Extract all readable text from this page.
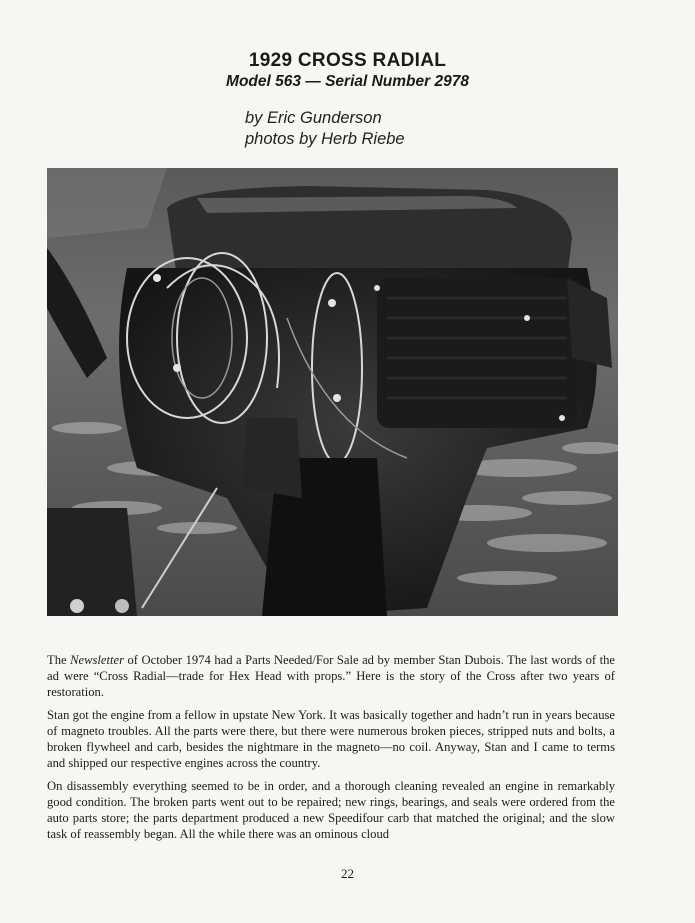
1929 CROSS RADIAL
Model 563 — Serial Number 2978
by Eric Gunderson
photos by Herb Riebe

The Newsletter of October 1974 had a Parts Needed/For Sale ad by member Stan Dubois. The last words of the ad were “Cross Radial—trade for Hex Head with props.” Here is the story of the Cross after two years of restoration.

Stan got the engine from a fellow in upstate New York. It was basically together and hadn’t run in years because of magneto troubles. All the parts were there, but there were numerous broken pieces, stripped nuts and bolts, a broken flywheel and carb, besides the nightmare in the magneto—no coil. Anyway, Stan and I came to terms and shipped our respective engines across the country.

On disassembly everything seemed to be in order, and a thorough cleaning revealed an engine in remarkably good condition. The broken parts went out to be repaired; new rings, bearings, and seals were ordered from the auto parts store; the parts department produced a new Speedifour carb that matched the original; and the slow task of reassembly began. All the while there was an ominous cloud

22
